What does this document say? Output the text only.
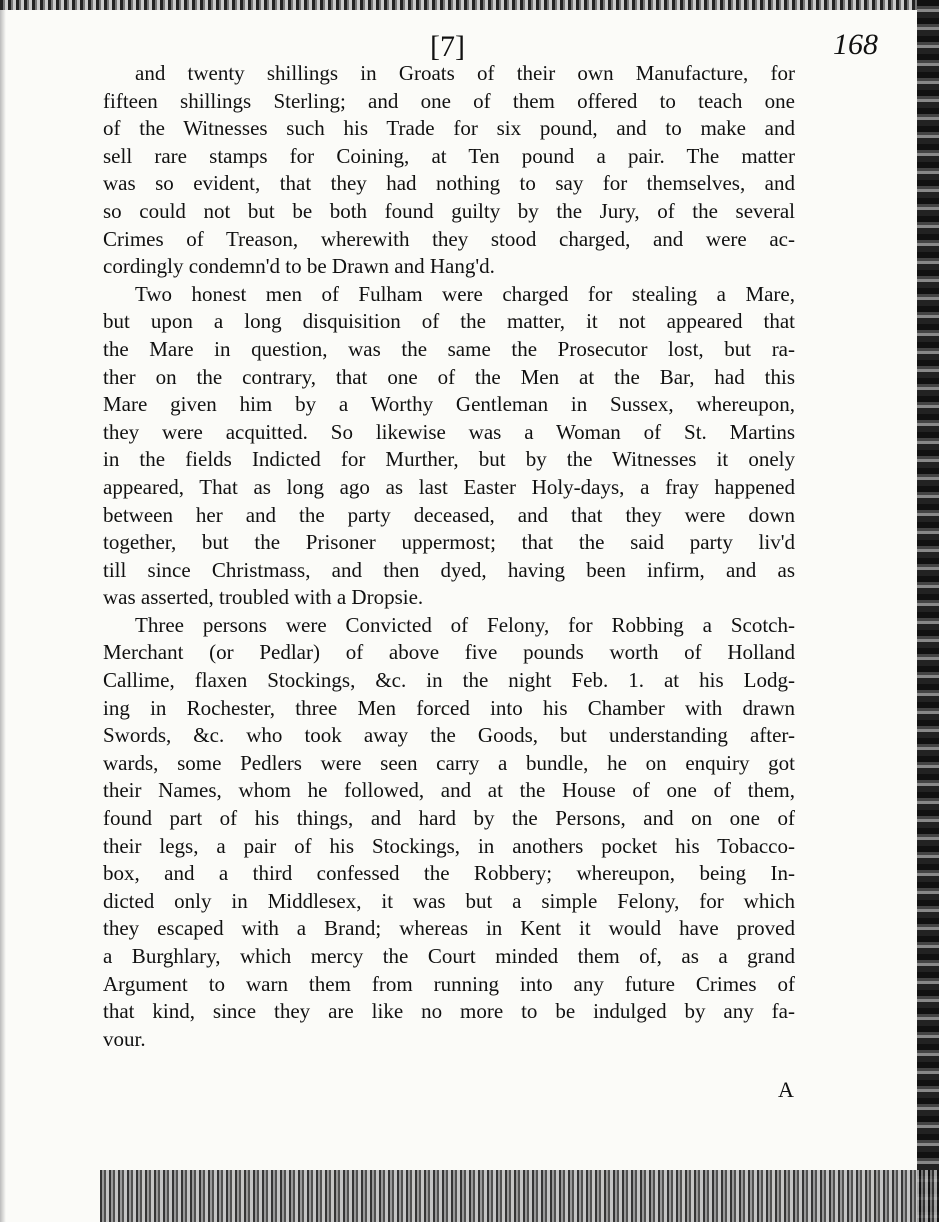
[7]	168
and twenty shillings in Groats of their own Manufacture, for
fifteen shillings Sterling; and one of them offered to teach one
of the Witnesses such his Trade for six pound, and to make and
sell rare stamps for Coining, at Ten pound a pair. The matter
was so evident, that they had nothing to say for themselves, and
so could not but be both found guilty by the Jury, of the several
Crimes of Treason, wherewith they stood charged, and were ac-
cordingly condemn'd to be Drawn and Hang'd.
Two honest men of Fulham were charged for stealing a Mare,
but upon a long disquisition of the matter, it not appeared that
the Mare in question, was the same the Prosecutor lost, but ra-
ther on the contrary, that one of the Men at the Bar, had this
Mare given him by a Worthy Gentleman in Sussex, whereupon,
they were acquitted. So likewise was a Woman of St. Martins
in the fields Indicted for Murther, but by the Witnesses it onely
appeared, That as long ago as last Easter Holy-days, a fray happened
between her and the party deceased, and that they were down
together, but the Prisoner uppermost; that the said party liv'd
till since Christmass, and then dyed, having been infirm, and as
was asserted, troubled with a Dropsie.
Three persons were Convicted of Felony, for Robbing a Scotch-
Merchant (or Pedlar) of above five pounds worth of Holland
Callime, flaxen Stockings, &c. in the night Feb. 1. at his Lodg-
ing in Rochester, three Men forced into his Chamber with drawn
Swords, &c. who took away the Goods, but understanding after-
wards, some Pedlers were seen carry a bundle, he on enquiry got
their Names, whom he followed, and at the House of one of them,
found part of his things, and hard by the Persons, and on one of
their legs, a pair of his Stockings, in anothers pocket his Tobacco-
box, and a third confessed the Robbery; whereupon, being In-
dicted only in Middlesex, it was but a simple Felony, for which
they escaped with a Brand; whereas in Kent it would have proved
a Burghlary, which mercy the Court minded them of, as a grand
Argument to warn them from running into any future Crimes of
that kind, since they are like no more to be indulged by any fa-
vour.
A
